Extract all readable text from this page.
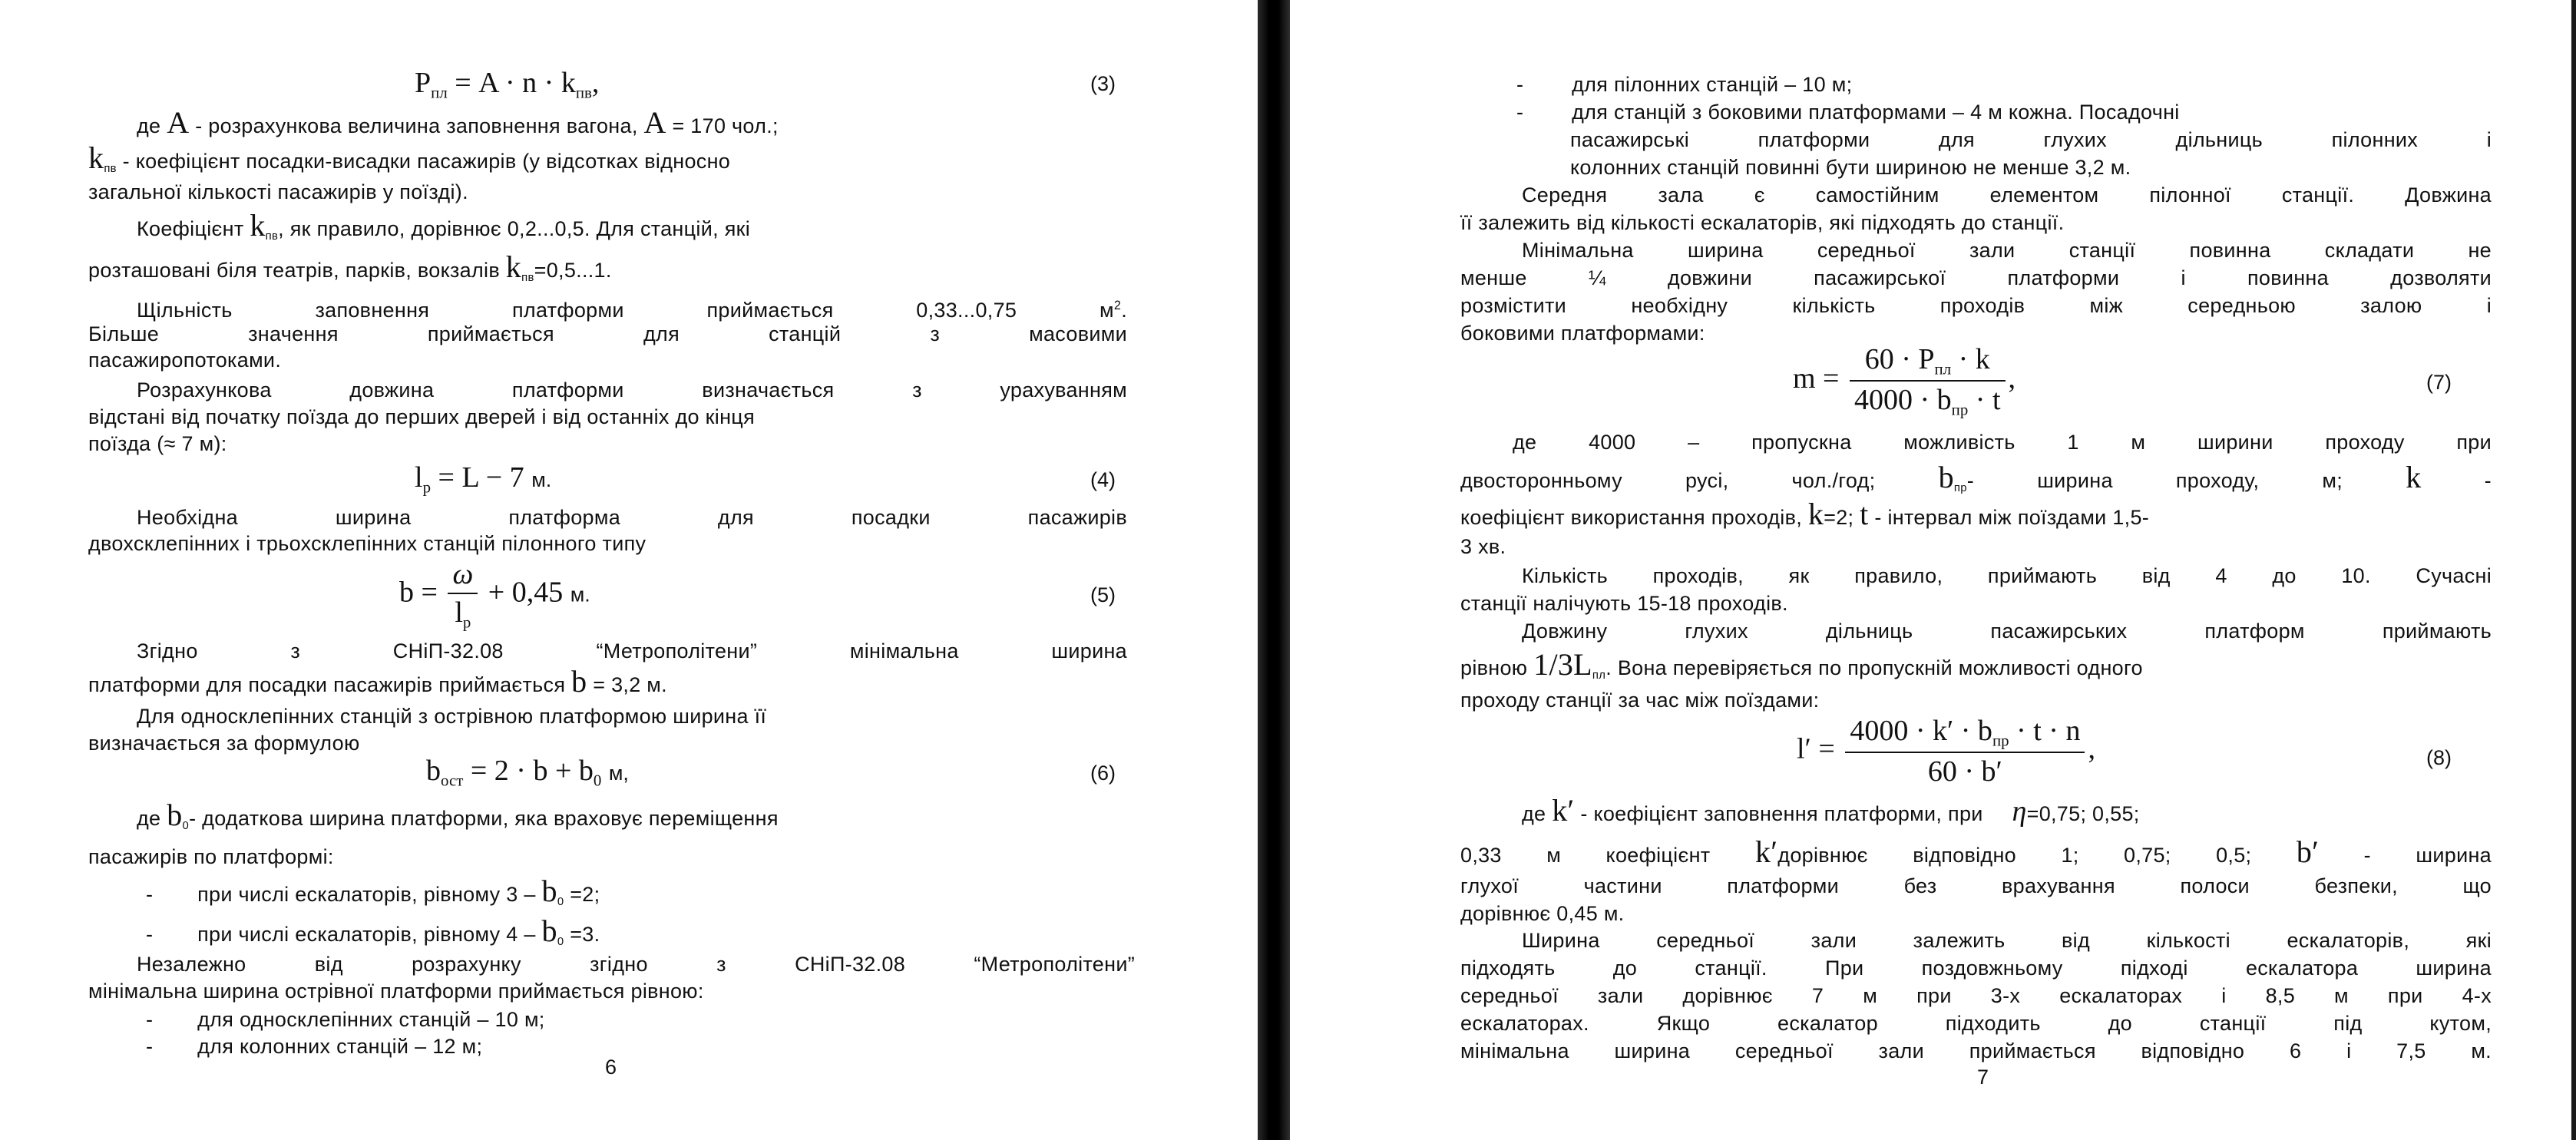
$P_{пл} = A \cdot n \cdot k_{пв}$,	(3)
де A - розрахункова величина заповнення вагона, A = 170 чол.;
$k_{пв}$ - коефіцієнт посадки-висадки пасажирів (у відсотках відносно
загальної кількості пасажирів у поїзді).
Коефіцієнт $k_{пв}$, як правило, дорівнює 0,2...0,5. Для станцій, які
розташовані біля театрів, парків, вокзалів $k_{пв}=0,5...1$.
Щільність заповнення платформи приймається 0,33...0,75	$м^2$.
Більше значення приймається для станцій з масовими
пасажиропотоками.
Розрахункова довжина платформи визначається з урахуванням
відстані від початку поїзда до перших дверей і від останніх до кінця
поїзда (≈ 7 м):
$l_p = L - 7$ м.	(4)
Необхідна ширина платформа для посадки пасажирів
двохсклепінних і трьохсклепінних станцій пілонного типу
$b = \frac{\omega}{l_p} + 0,45$ м.	(5)
Згідно з СНіП-32.08 “Метрополітени” мінімальна ширина
платформи для посадки пасажирів приймається b = 3,2 м.
Для односклепінних станцій з острівною платформою ширина її
визначається за формулою
$b_{ост} = 2 \cdot b + b_0$ м,	(6)
де $b_0-$ додаткова ширина платформи, яка враховує переміщення
пасажирів по платформі:
- при числі ескалаторів, рівному $3 - b_0 =2$;
- при числі ескалаторів, рівному $4 - b_0 =3$.
Незалежно від розрахунку згідно з СНіП-32.08 “Метрополітени”
мінімальна ширина острівної платформи приймається рівною:
- для односклепінних станцій – 10 м;
- для колонних станцій – 12 м;
6
- для пілонних станцій – 10 м;
- для станцій з боковими платформами – 4 м кожна. Посадочні
пасажирські платформи для глухих дільниць пілонних і
колонних станцій повинні бути шириною не менше 3,2 м.
Середня зала є самостійним елементом пілонної станції. Довжина
її залежить від кількості ескалаторів, які підходять до станції.
Мінімальна ширина середньої зали станції повинна складати не
менше ¼ довжини пасажирської платформи і повинна дозволяти
розмістити необхідну кількість проходів між середньою залою і
боковими платформами:
$m = \frac{60 \cdot P_{пл} \cdot k}{4000 \cdot b_{пр} \cdot t}$ ,	(7)
де 4000 – пропускна можливість 1 м ширини проходу при
двосторонньому русі, чол./год; $b_{пр}-$ ширина проходу, м; k	-
коефіцієнт використання проходів, k=2; t - інтервал між поїздами 1,5-
3 хв.
Кількість проходів, як правило, приймають від 4 до 10. Сучасні
станції налічують 15-18 проходів.
Довжину глухих дільниць пасажирських платформ приймають
рівною $1/3L_{пл}$. Вона перевіряється по пропускній можливості одного
проходу станції за час між поїздами:
$l' = \frac{4000 \cdot k' \cdot b_{пр} \cdot t \cdot n}{60 \cdot b'}$ ,	(8)
де k′ - коефіцієнт заповнення платформи, при η=0,75; 0,55;
0,33 м коефіцієнт k′дорівнює відповідно 1; 0,75; 0,5; b′ - ширина
глухої частини платформи без врахування полоси безпеки, що
дорівнює 0,45 м.
Ширина середньої зали залежить від кількості ескалаторів, які
підходять до станції. При поздовжньому підході ескалатора ширина
середньої зали дорівнює 7 м при 3-х ескалаторах і 8,5 м при 4-х
ескалаторах. Якщо ескалатор підходить до станції під кутом,
мінімальна ширина середньої зали приймається відповідно 6 і 7,5 м.
7
